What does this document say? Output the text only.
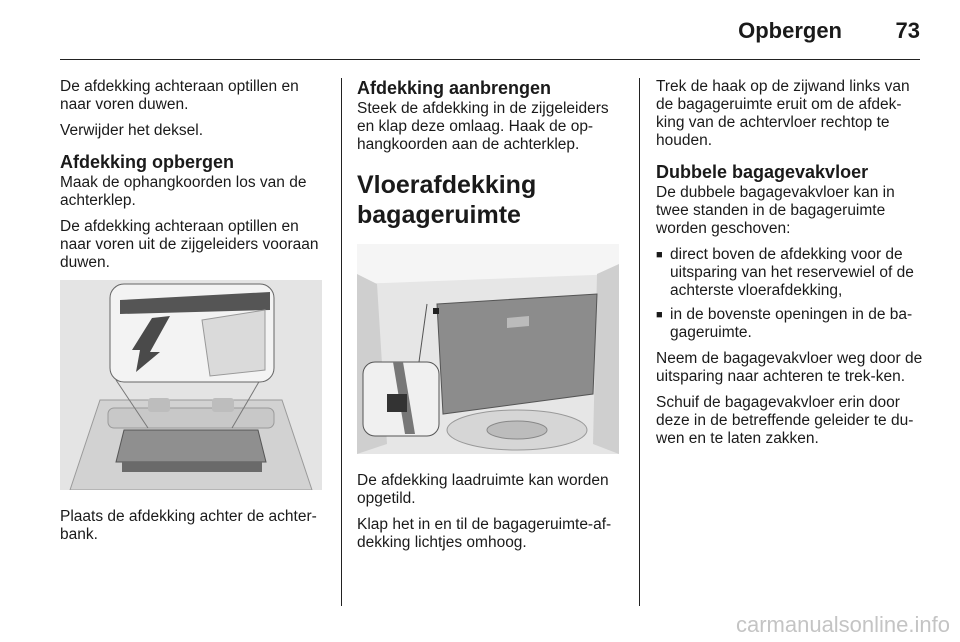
Opbergen 73

De afdekking achteraan optillen en naar voren duwen.

Verwijder het deksel.

Afdekking opbergen

Maak de ophangkoorden los van de achterklep.

De afdekking achteraan optillen en naar voren uit de zijgeleiders vooraan duwen.

Plaats de afdekking achter de achter-bank.

Afdekking aanbrengen

Steek de afdekking in de zijgeleiders en klap deze omlaag. Haak de op-hangkoorden aan de achterklep.

Vloerafdekking bagageruimte

De afdekking laadruimte kan worden opgetild.

Klap het in en til de bagageruimte-af-dekking lichtjes omhoog.

Trek de haak op de zijwand links van de bagageruimte eruit om de afdek-king van de achtervloer rechtop te houden.

Dubbele bagagevakvloer

De dubbele bagagevakvloer kan in twee standen in de bagageruimte worden geschoven:

■ direct boven de afdekking voor de uitsparing van het reservewiel of de achterste vloerafdekking,
■ in de bovenste openingen in de ba-gageruimte.

Neem de bagagevakvloer weg door de uitsparing naar achteren te trek-ken.

Schuif de bagagevakvloer erin door deze in de betreffende geleider te du-wen en te laten zakken.

carmanualsonline.info
